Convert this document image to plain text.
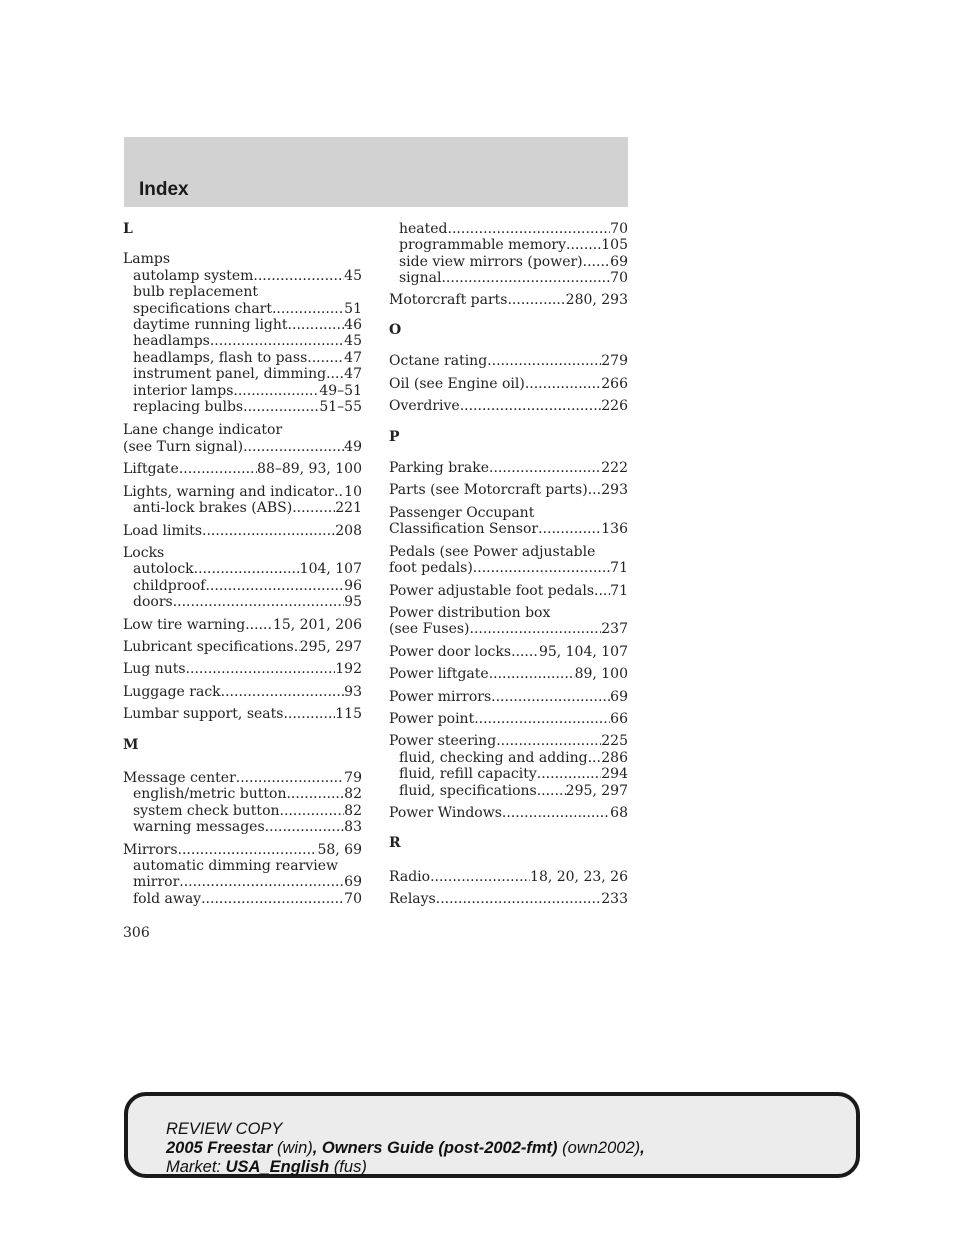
Index
L
Lamps
autolamp system .....	45
bulb replacement
specifications chart .....	51
daytime running light .....	46
headlamps .....	45
headlamps, flash to pass .....	47
instrument panel, dimming ..... 47
interior lamps .....	49–51
replacing bulbs .....	51–55
Lane change indicator
(see Turn signal) .....	49
Liftgate .....	88–89, 93, 100
Lights, warning and indicator ..... 10
anti-lock brakes (ABS) .....	221
Load limits .....	208
Locks
autolock .....	104, 107
childproof .....	96
doors .....	95
Low tire warning ..... 15, 201, 206
Lubricant specifications ..... 295, 297
Lug nuts .....	192
Luggage rack .....	93
Lumbar support, seats .....	115
M
Message center .....	79
english/metric button .....	82
system check button .....	82
warning messages .....	83
Mirrors .....	58, 69
automatic dimming rearview
mirror .....	69
fold away .....	70
heated .....	70
programmable memory .....	105
side view mirrors (power) ..... 69
signal .....	70
Motorcraft parts .....	280, 293
O
Octane rating .....	279
Oil (see Engine oil) .....	266
Overdrive .....	226
P
Parking brake .....	222
Parts (see Motorcraft parts) ..... 293
Passenger Occupant
Classification Sensor .....	136
Pedals (see Power adjustable
foot pedals) .....	71
Power adjustable foot pedals ..... 71
Power distribution box
(see Fuses) .....	237
Power door locks ..... 95, 104, 107
Power liftgate .....	89, 100
Power mirrors .....	69
Power point .....	66
Power steering .....	225
fluid, checking and adding ..... 286
fluid, refill capacity .....	294
fluid, specifications ..... 295, 297
Power Windows .....	68
R
Radio .....	18, 20, 23, 26
Relays .....	233
306
REVIEW COPY
2005 Freestar (win), Owners Guide (post-2002-fmt) (own2002),
Market: USA_English (fus)
